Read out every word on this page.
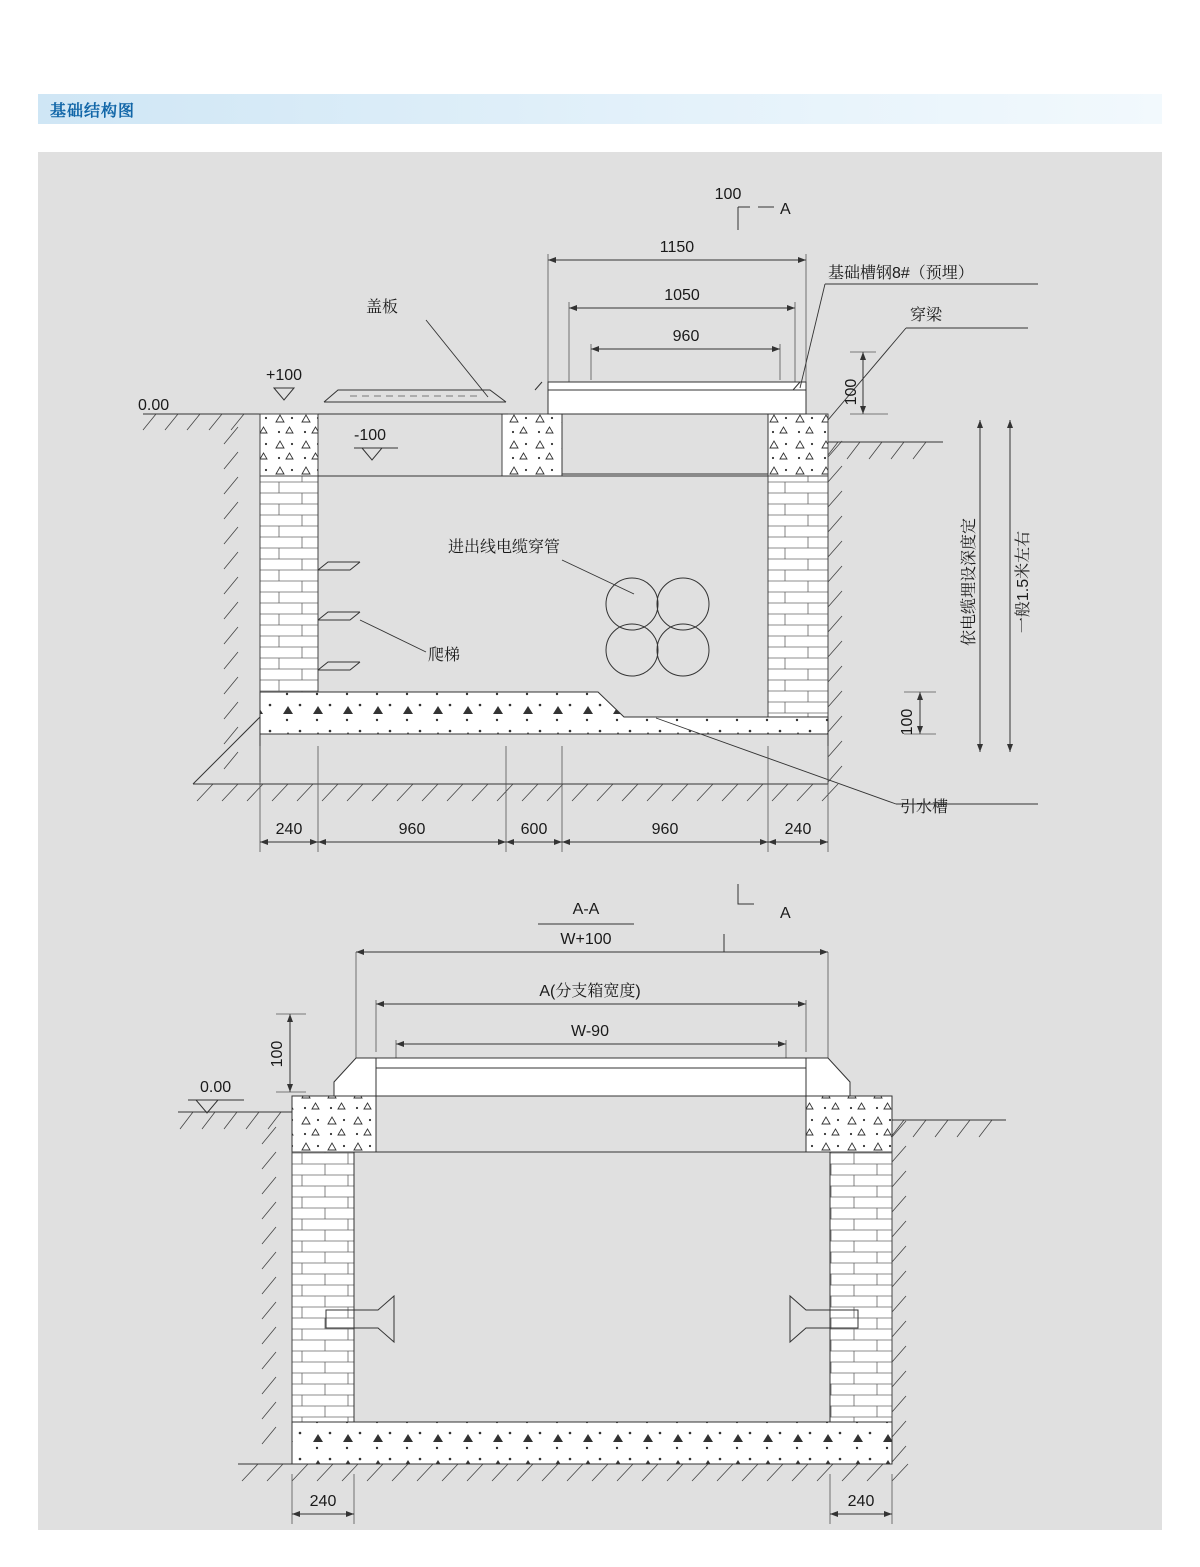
基础结构图
100
A
1150
1050
960
+100
0.00
-100
盖板
基础槽钢8#（预埋）
穿梁
进出线电缆穿管
爬梯
引水槽
100
100
依电缆埋设深度定 一般1.5米左右
240	960	600	960	240
A
A-A
W+100
A(分支箱宽度)
W-90
100
0.00
240	240
